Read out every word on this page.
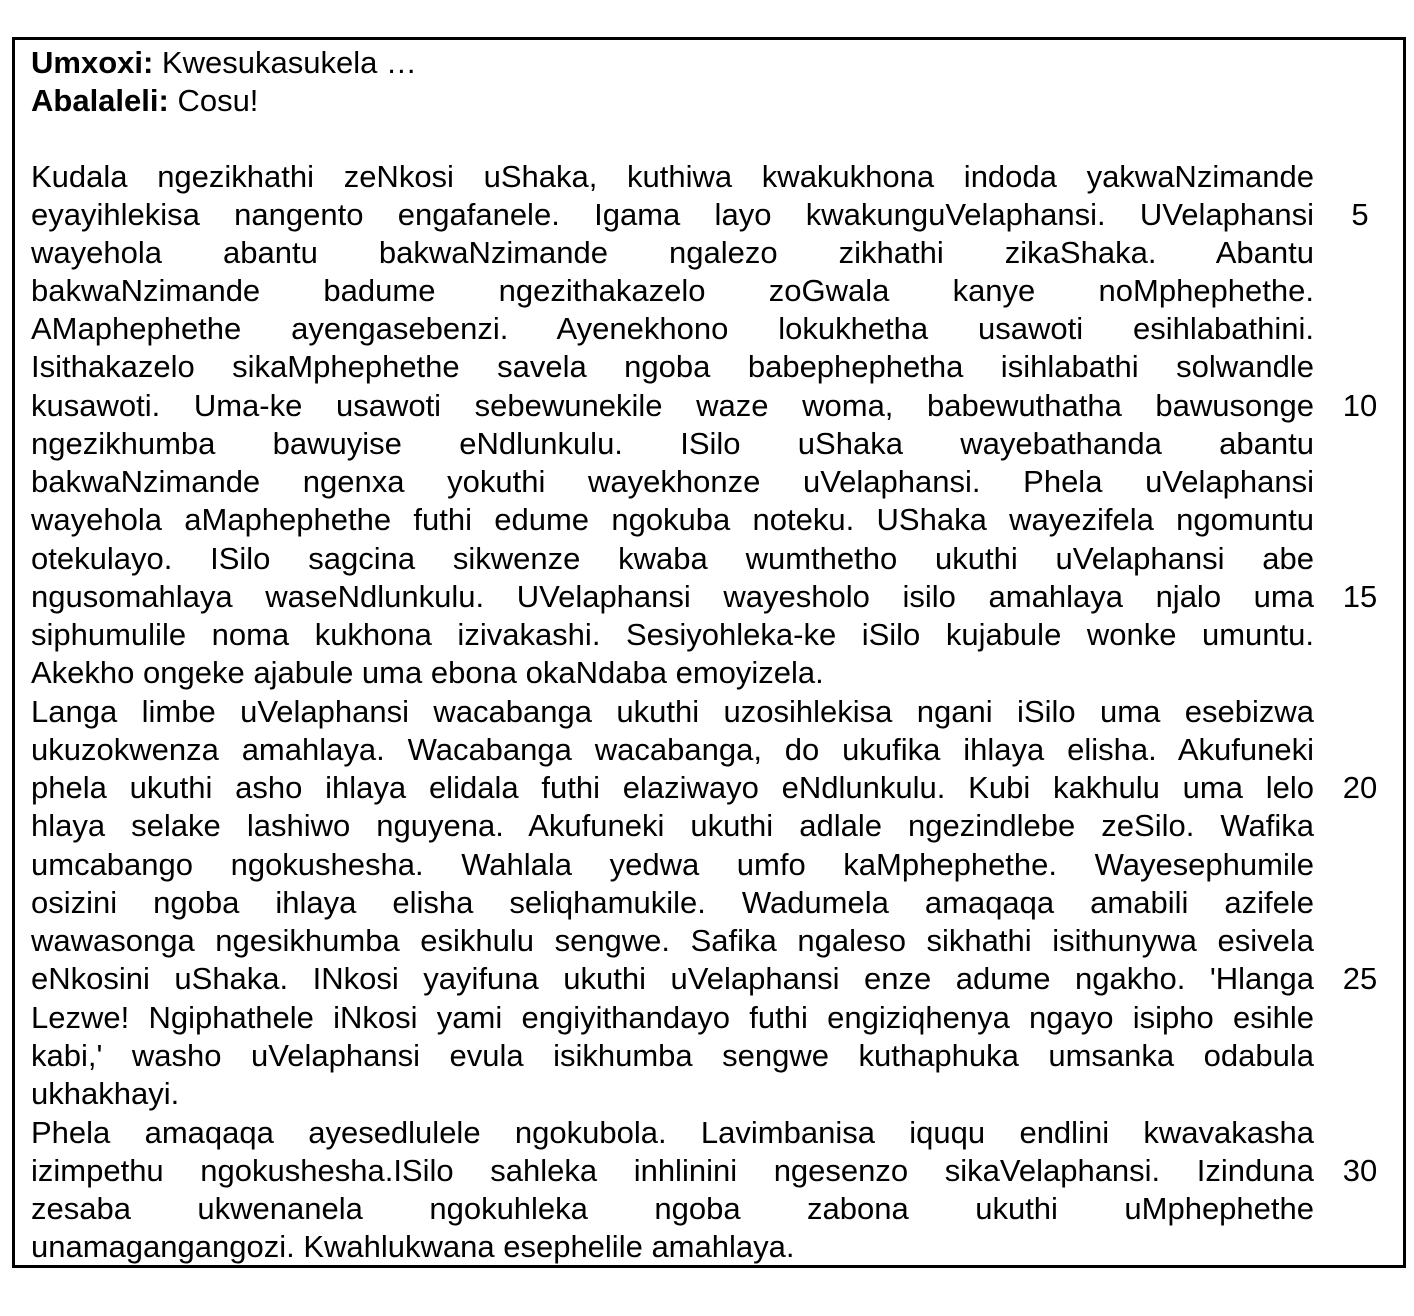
Umxoxi: Kwesukasukela …
Abalaleli: Cosu!
Kudala ngezikhathi zeNkosi uShaka, kuthiwa kwakukhona indoda yakwaNzimande
eyayihlekisa nangento engafanele. Igama layo kwakunguVelaphansi. UVelaphansi
wayehola abantu bakwaNzimande ngalezo zikhathi zikaShaka. Abantu
bakwaNzimande badume ngezithakazelo zoGwala kanye noMphephethe.
AMaphephethe ayengasebenzi. Ayenekhono lokukhetha usawoti esihlabathini.
Isithakazelo sikaMphephethe savela ngoba babephephetha isihlabathi solwandle
kusawoti. Uma-ke usawoti sebewunekile waze woma, babewuthatha bawusonge
ngezikhumba bawuyise eNdlunkulu. ISilo uShaka wayebathanda abantu
bakwaNzimande ngenxa yokuthi wayekhonze uVelaphansi. Phela uVelaphansi
wayehola aMaphephethe futhi edume ngokuba noteku. UShaka wayezifela ngomuntu
otekulayo. ISilo sagcina sikwenze kwaba wumthetho ukuthi uVelaphansi abe
ngusomahlaya waseNdlunkulu. UVelaphansi wayesholo isilo amahlaya njalo uma
siphumulile noma kukhona izivakashi. Sesiyohleka-ke iSilo kujabule wonke umuntu.
Akekho ongeke ajabule uma ebona okaNdaba emoyizela.
Langa limbe uVelaphansi wacabanga ukuthi uzosihlekisa ngani iSilo uma esebizwa
ukuzokwenza amahlaya. Wacabanga wacabanga, do ukufika ihlaya elisha. Akufuneki
phela ukuthi asho ihlaya elidala futhi elaziwayo eNdlunkulu. Kubi kakhulu uma lelo
hlaya selake lashiwo nguyena. Akufuneki ukuthi adlale ngezindlebe zeSilo. Wafika
umcabango ngokushesha. Wahlala yedwa umfo kaMphephethe. Wayesephumile
osizini ngoba ihlaya elisha seliqhamukile. Wadumela amaqaqa amabili azifele
wawasonga ngesikhumba esikhulu sengwe. Safika ngaleso sikhathi isithunywa esivela
eNkosini uShaka. INkosi yayifuna ukuthi uVelaphansi enze adume ngakho. 'Hlanga
Lezwe! Ngiphathele iNkosi yami engiyithandayo futhi engiziqhenya ngayo isipho esihle
kabi,' washo uVelaphansi evula isikhumba sengwe kuthaphuka umsanka odabula
ukhakhayi.
Phela amaqaqa ayesedlulele ngokubola. Lavimbanisa iququ endlini kwavakasha
izimpethu ngokushesha.ISilo sahleka inhlinini ngesenzo sikaVelaphansi. Izinduna
zesaba ukwenanela ngokuhleka ngoba zabona ukuthi uMphephethe
unamagangangozi. Kwahlukwana esephelile amahlaya.
5
10
15
20
25
30
